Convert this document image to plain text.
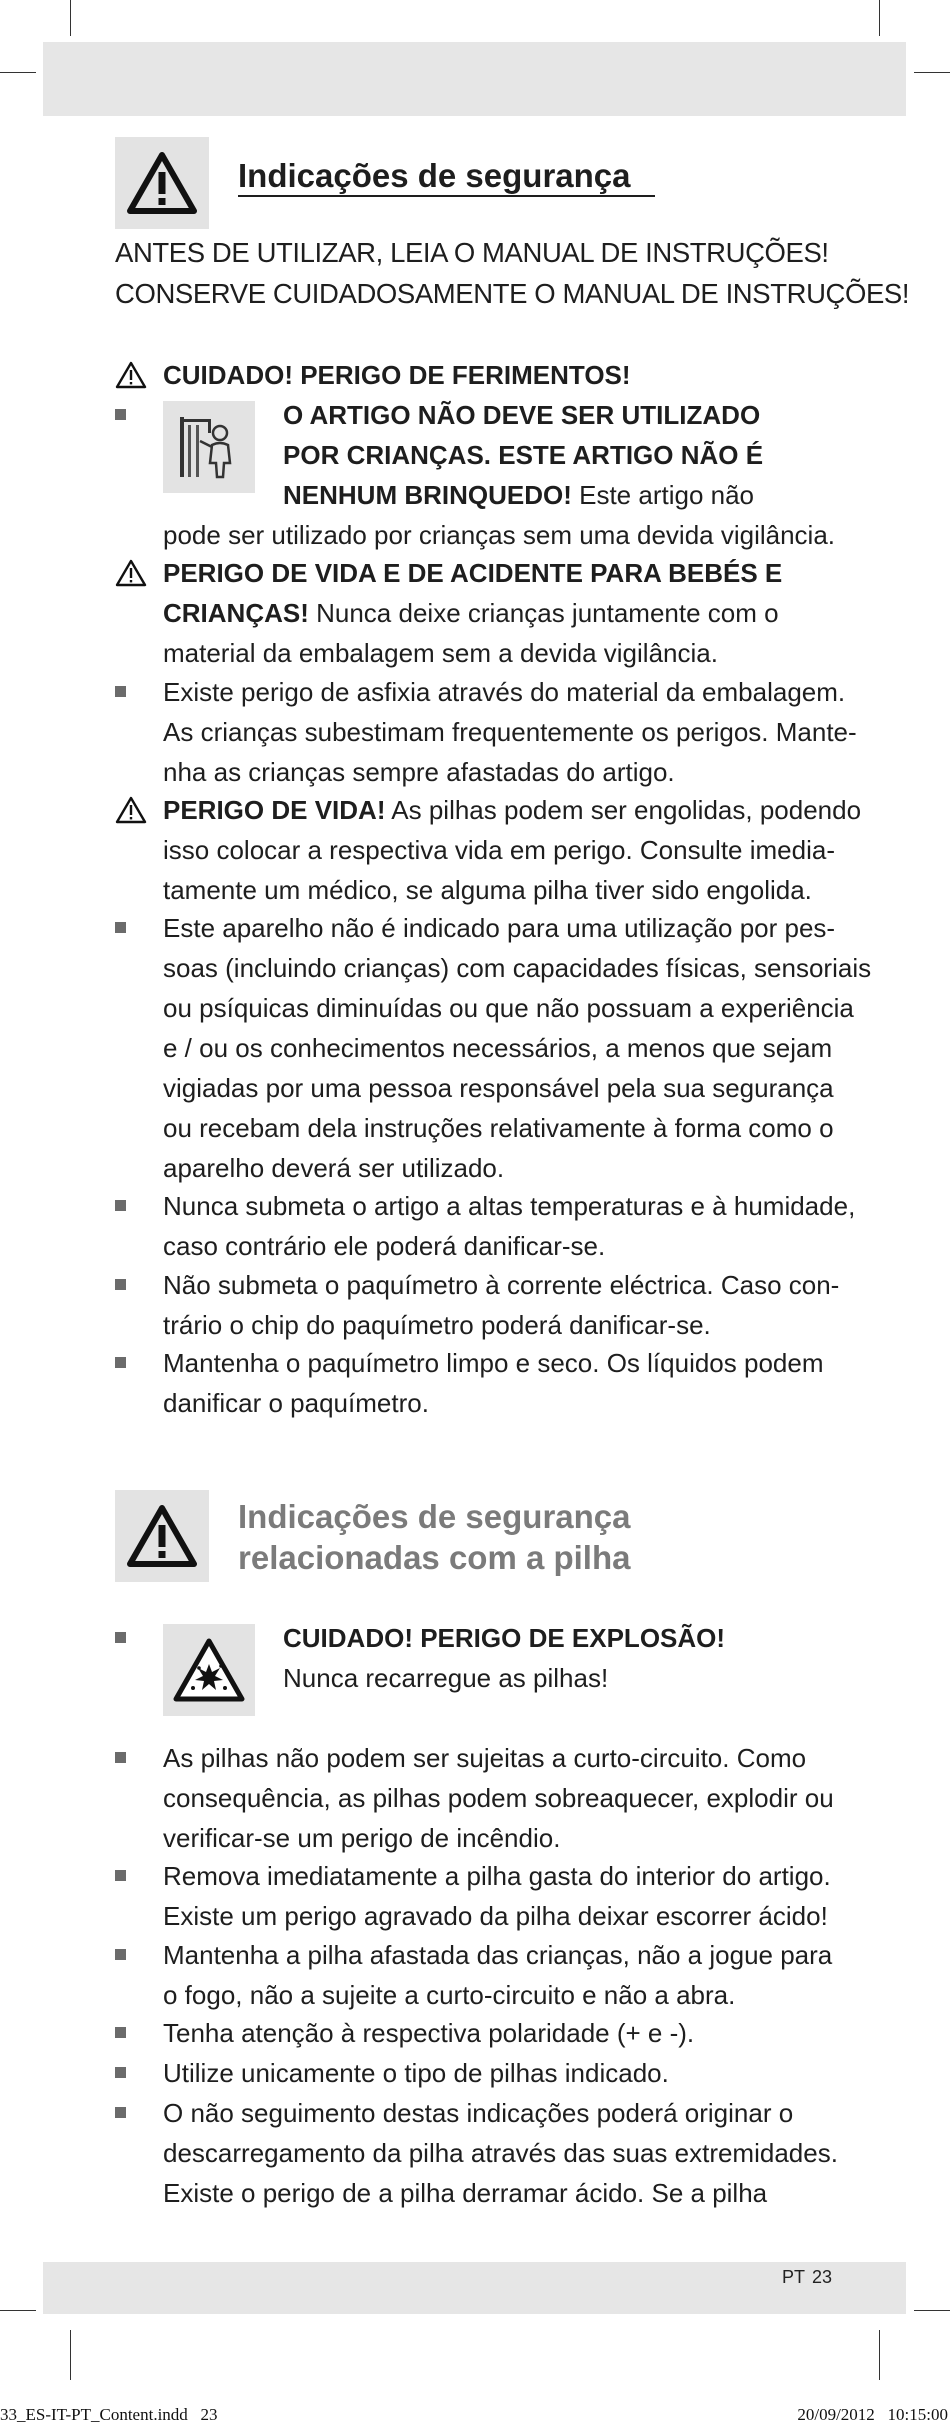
Indicações de segurança
ANTES DE UTILIZAR, LEIA O MANUAL DE INSTRUÇÕES!
CONSERVE CUIDADOSAMENTE O MANUAL DE INSTRUÇÕES!
CUIDADO! PERIGO DE FERIMENTOS!
O ARTIGO NÃO DEVE SER UTILIZADO
POR CRIANÇAS. ESTE ARTIGO NÃO É
NENHUM BRINQUEDO! Este artigo não
pode ser utilizado por crianças sem uma devida vigilância.
PERIGO DE VIDA E DE ACIDENTE PARA BEBÉS E
CRIANÇAS! Nunca deixe crianças juntamente com o
material da embalagem sem a devida vigilância.
Existe perigo de asfixia através do material da embalagem.
As crianças subestimam frequentemente os perigos. Mante-
nha as crianças sempre afastadas do artigo.
PERIGO DE VIDA! As pilhas podem ser engolidas, podendo
isso colocar a respectiva vida em perigo. Consulte imedia-
tamente um médico, se alguma pilha tiver sido engolida.
Este aparelho não é indicado para uma utilização por pes-
soas (incluindo crianças) com capacidades físicas, sensoriais
ou psíquicas diminuídas ou que não possuam a experiência
e / ou os conhecimentos necessários, a menos que sejam
vigiadas por uma pessoa responsável pela sua segurança
ou recebam dela instruções relativamente à forma como o
aparelho deverá ser utilizado.
Nunca submeta o artigo a altas temperaturas e à humidade,
caso contrário ele poderá danificar-se.
Não submeta o paquímetro à corrente eléctrica. Caso con-
trário o chip do paquímetro poderá danificar-se.
Mantenha o paquímetro limpo e seco. Os líquidos podem
danificar o paquímetro.
Indicações de segurança
relacionadas com a pilha
CUIDADO! PERIGO DE EXPLOSÃO!
Nunca recarregue as pilhas!
As pilhas não podem ser sujeitas a curto-circuito. Como
consequência, as pilhas podem sobreaquecer, explodir ou
verificar-se um perigo de incêndio.
Remova imediatamente a pilha gasta do interior do artigo.
Existe um perigo agravado da pilha deixar escorrer ácido!
Mantenha a pilha afastada das crianças, não a jogue para
o fogo, não a sujeite a curto-circuito e não a abra.
Tenha atenção à respectiva polaridade (+ e -).
Utilize unicamente o tipo de pilhas indicado.
O não seguimento destas indicações poderá originar o
descarregamento da pilha através das suas extremidades.
Existe o perigo de a pilha derramar ácido. Se a pilha
PT 23
33_ES-IT-PT_Content.indd   23	20/09/2012   10:15:00
